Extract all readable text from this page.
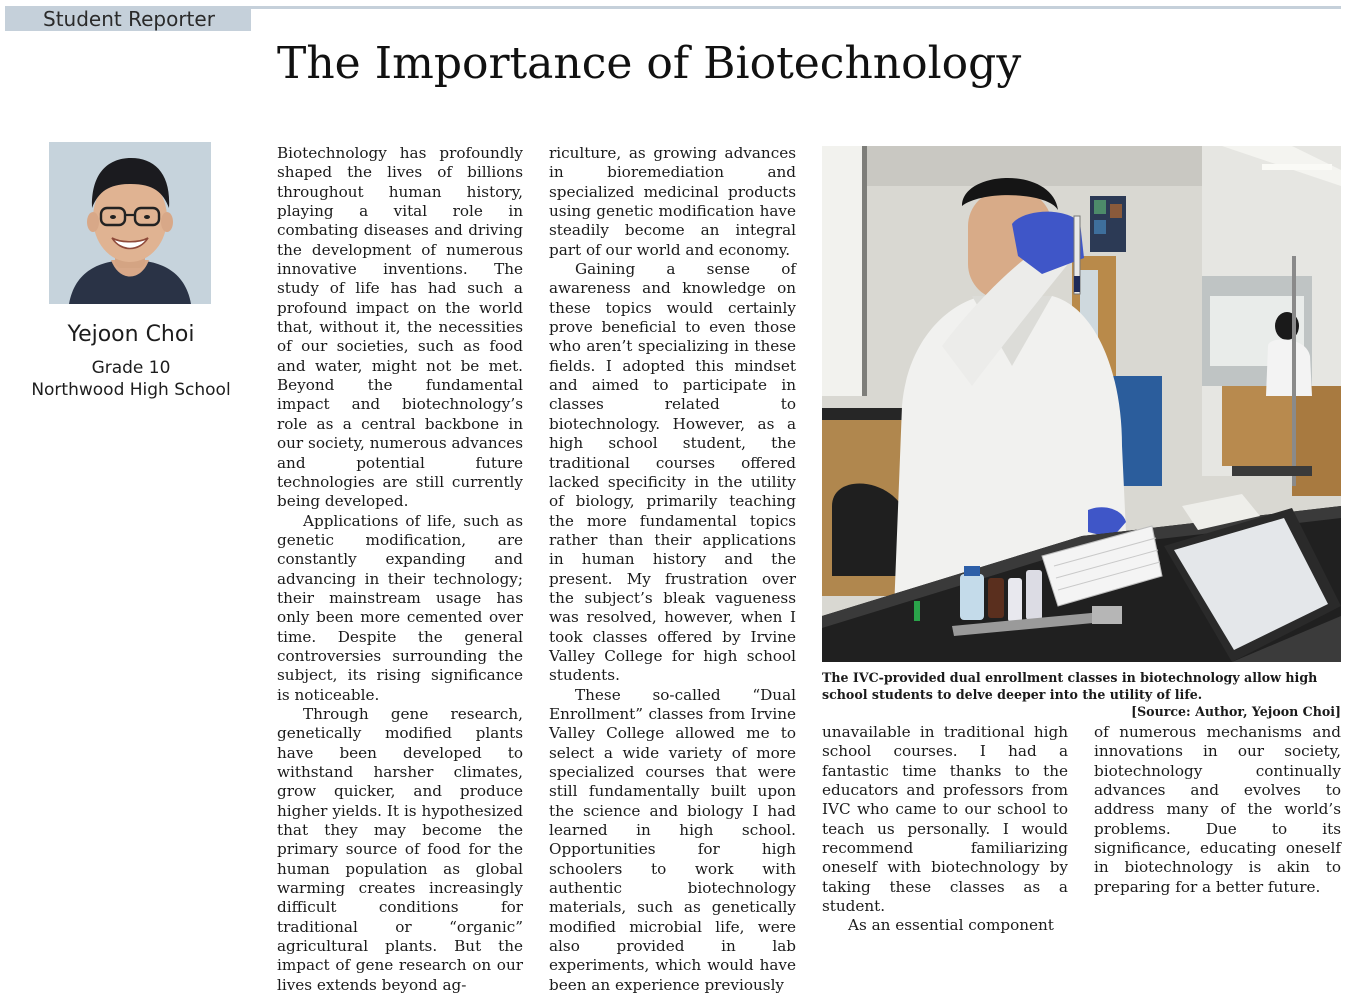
Student Reporter
The Importance of Biotechnology
Yejoon Choi
Grade 10
Northwood High School

Biotechnology has profoundly shaped the lives of billions throughout human history, playing a vital role in combating diseases and driving the development of numerous innovative inventions. The study of life has had such a profound impact on the world that, without it, the necessities of our societies, such as food and water, might not be met. Beyond the fundamental impact and biotechnology’s role as a central backbone in our society, numerous advances and potential future technologies are still currently being developed.

Applications of life, such as genetic modification, are constantly expanding and advancing in their technology; their mainstream usage has only been more cemented over time. Despite the general controversies surrounding the subject, its rising significance is noticeable.

Through gene research, genetically modified plants have been developed to withstand harsher climates, grow quicker, and produce higher yields. It is hypothesized that they may become the primary source of food for the human population as global warming creates increasingly difficult conditions for traditional or “organic” agricultural plants. But the impact of gene research on our lives extends beyond ag-

riculture, as growing advances in bioremediation and specialized medicinal products using genetic modification have steadily become an integral part of our world and economy.

Gaining a sense of awareness and knowledge on these topics would certainly prove beneficial to even those who aren’t specializing in these fields. I adopted this mindset and aimed to participate in classes related to biotechnology. However, as a high school student, the traditional courses offered lacked specificity in the utility of biology, primarily teaching the more fundamental topics rather than their applications in human history and the present. My frustration over the subject’s bleak vagueness was resolved, however, when I took classes offered by Irvine Valley College for high school students.

These so-called “Dual Enrollment” classes from Irvine Valley College allowed me to select a wide variety of more specialized courses that were still fundamentally built upon the science and biology I had learned in high school. Opportunities for high schoolers to work with authentic biotechnology materials, such as genetically modified microbial life, were also provided in lab experiments, which would have been an experience previously

The IVC-provided dual enrollment classes in biotechnology allow high school students to delve deeper into the utility of life.
[Source: Author, Yejoon Choi]

unavailable in traditional high school courses. I had a fantastic time thanks to the educators and professors from IVC who came to our school to teach us personally. I would recommend familiarizing oneself with biotechnology by taking these classes as a student.

As an essential component

of numerous mechanisms and innovations in our society, biotechnology continually advances and evolves to address many of the world’s problems. Due to its significance, educating oneself in biotechnology is akin to preparing for a better future.
